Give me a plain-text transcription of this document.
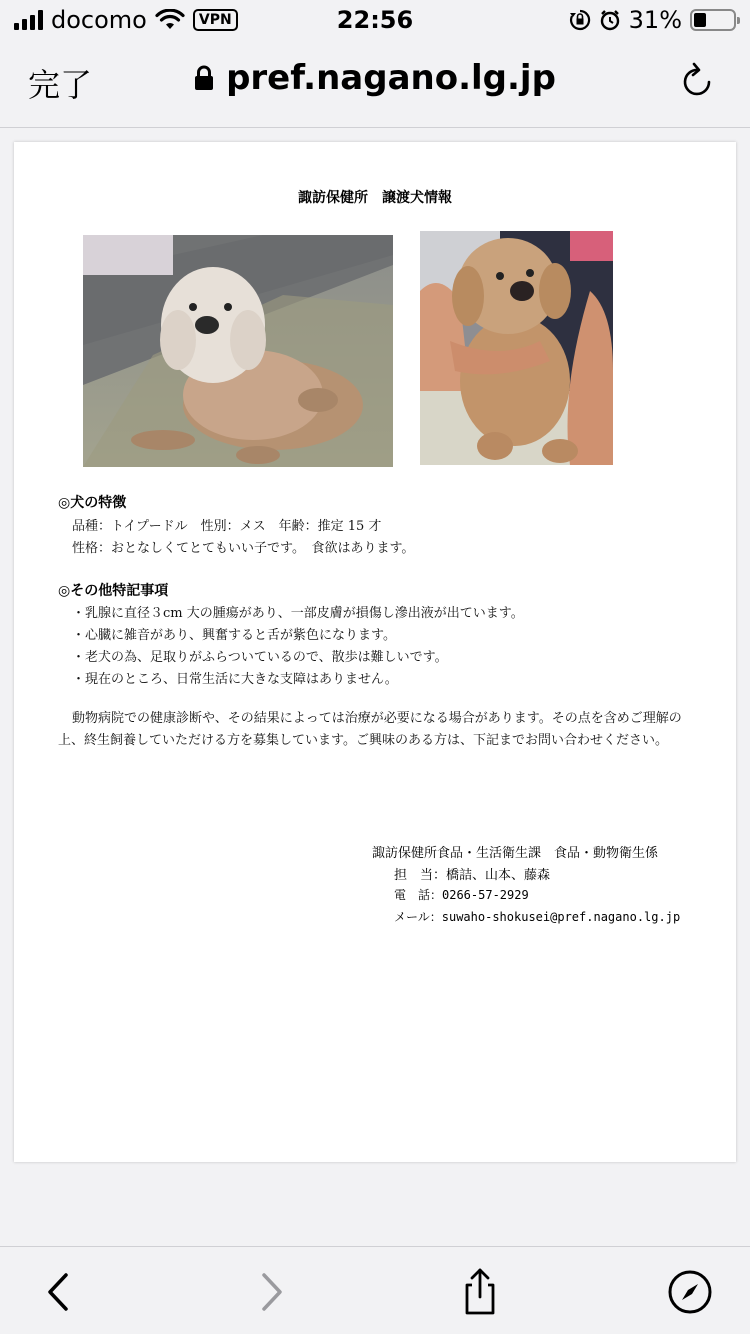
docomo	VPN	22:56	31%
完了	pref.nagano.lg.jp
諏訪保健所　譲渡犬情報
◎犬の特徴
品種：トイプードル　性別：メス　年齢：推定 15 才
性格：おとなしくてとてもいい子です。　食欲はあります。
◎その他特記事項
・乳腺に直径３cm 大の腫瘍があり、一部皮膚が損傷し滲出液が出ています。
・心臓に雑音があり、興奮すると舌が紫色になります。
・老犬の為、足取りがふらついているので、散歩は難しいです。
・現在のところ、日常生活に大きな支障はありません。
動物病院での健康診断や、その結果によっては治療が必要になる場合があります。その点を含めご理解の上、終生飼養していただける方を募集しています。ご興味のある方は、下記までお問い合わせください。
諏訪保健所食品・生活衛生課　食品・動物衛生係
担　当：橋詰、山本、藤森
電　話：0266-57-2929
メール：suwaho-shokusei@pref.nagano.lg.jp
